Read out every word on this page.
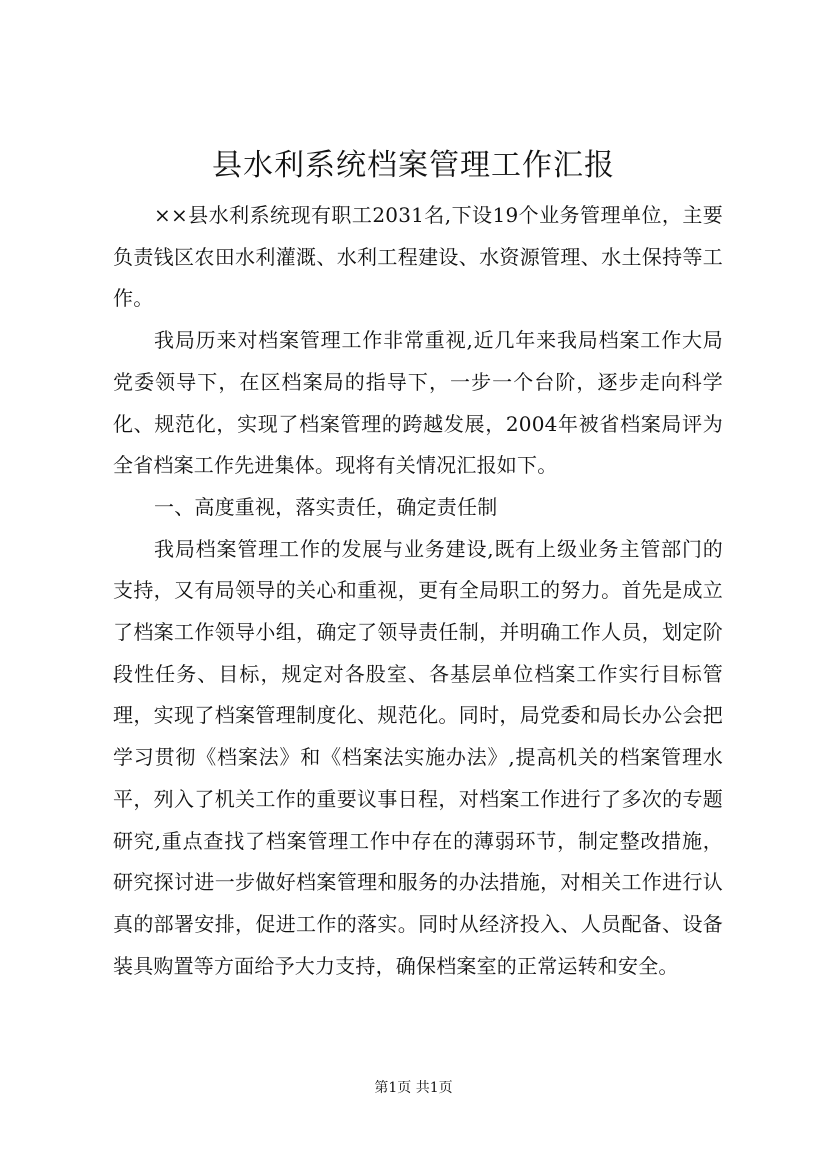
县水利系统档案管理工作汇报

××县水利系统现有职工2031名,下设19个业务管理单位，主要负责钱区农田水利灌溉、水利工程建设、水资源管理、水土保持等工作。

我局历来对档案管理工作非常重视,近几年来我局档案工作大局党委领导下，在区档案局的指导下，一步一个台阶，逐步走向科学化、规范化，实现了档案管理的跨越发展，2004年被省档案局评为全省档案工作先进集体。现将有关情况汇报如下。

一、高度重视，落实责任，确定责任制

我局档案管理工作的发展与业务建设,既有上级业务主管部门的支持，又有局领导的关心和重视，更有全局职工的努力。首先是成立了档案工作领导小组，确定了领导责任制，并明确工作人员，划定阶段性任务、目标，规定对各股室、各基层单位档案工作实行目标管理，实现了档案管理制度化、规范化。同时，局党委和局长办公会把学习贯彻《档案法》和《档案法实施办法》,提高机关的档案管理水平，列入了机关工作的重要议事日程，对档案工作进行了多次的专题研究,重点查找了档案管理工作中存在的薄弱环节，制定整改措施，研究探讨进一步做好档案管理和服务的办法措施，对相关工作进行认真的部署安排，促进工作的落实。同时从经济投入、人员配备、设备装具购置等方面给予大力支持，确保档案室的正常运转和安全。

第1页 共1页
